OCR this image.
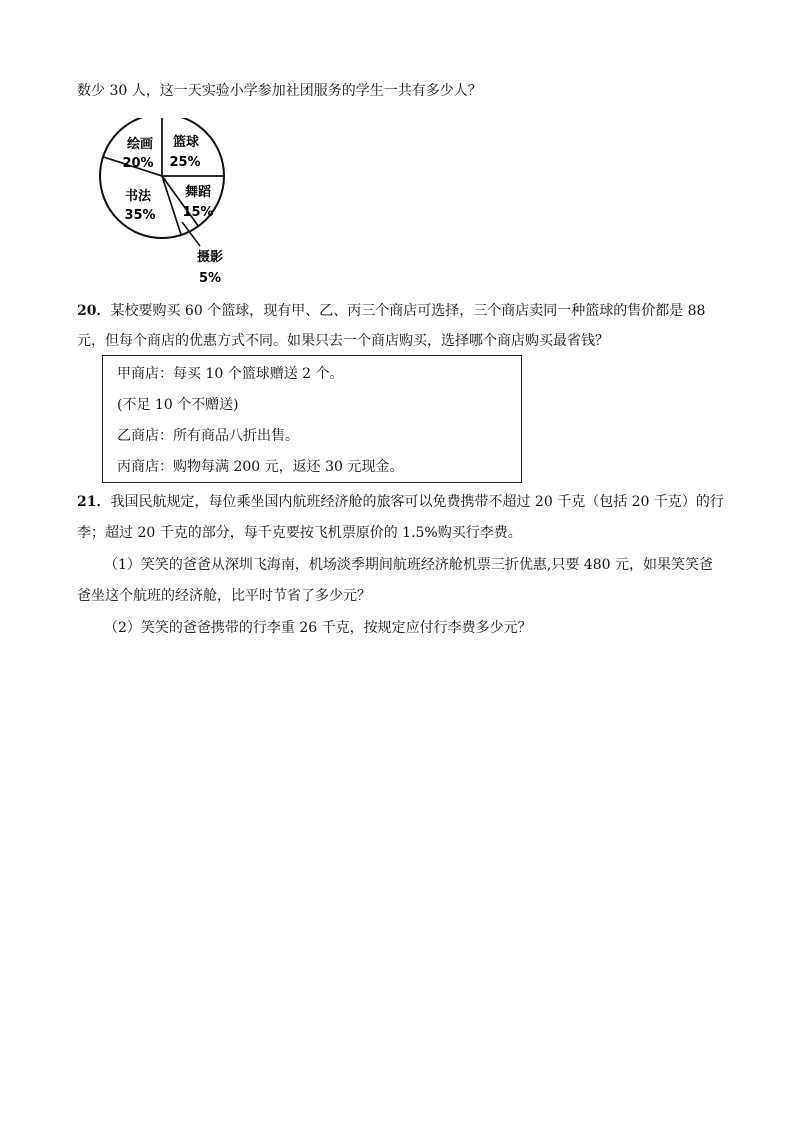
数少 30 人，这一天实验小学参加社团服务的学生一共有多少人？
绘画
20%
篮球
25%
舞蹈
15%
书法
35%
摄影
5%
20．某校要购买 60 个篮球，现有甲、乙、丙三个商店可选择，三个商店卖同一种篮球的售价都是 88
元，但每个商店的优惠方式不同。如果只去一个商店购买，选择哪个商店购买最省钱？
甲商店：每买 10 个篮球赠送 2 个。
(不足 10 个不赠送)
乙商店：所有商品八折出售。
丙商店：购物每满 200 元，返还 30 元现金。
21．我国民航规定，每位乘坐国内航班经济舱的旅客可以免费携带不超过 20 千克（包括 20 千克）的行
李；超过 20 千克的部分，每千克要按飞机票原价的 1.5%购买行李费。
（1）笑笑的爸爸从深圳飞海南，机场淡季期间航班经济舱机票三折优惠,只要 480 元，如果笑笑爸
爸坐这个航班的经济舱，比平时节省了多少元？
（2）笑笑的爸爸携带的行李重 26 千克，按规定应付行李费多少元？
